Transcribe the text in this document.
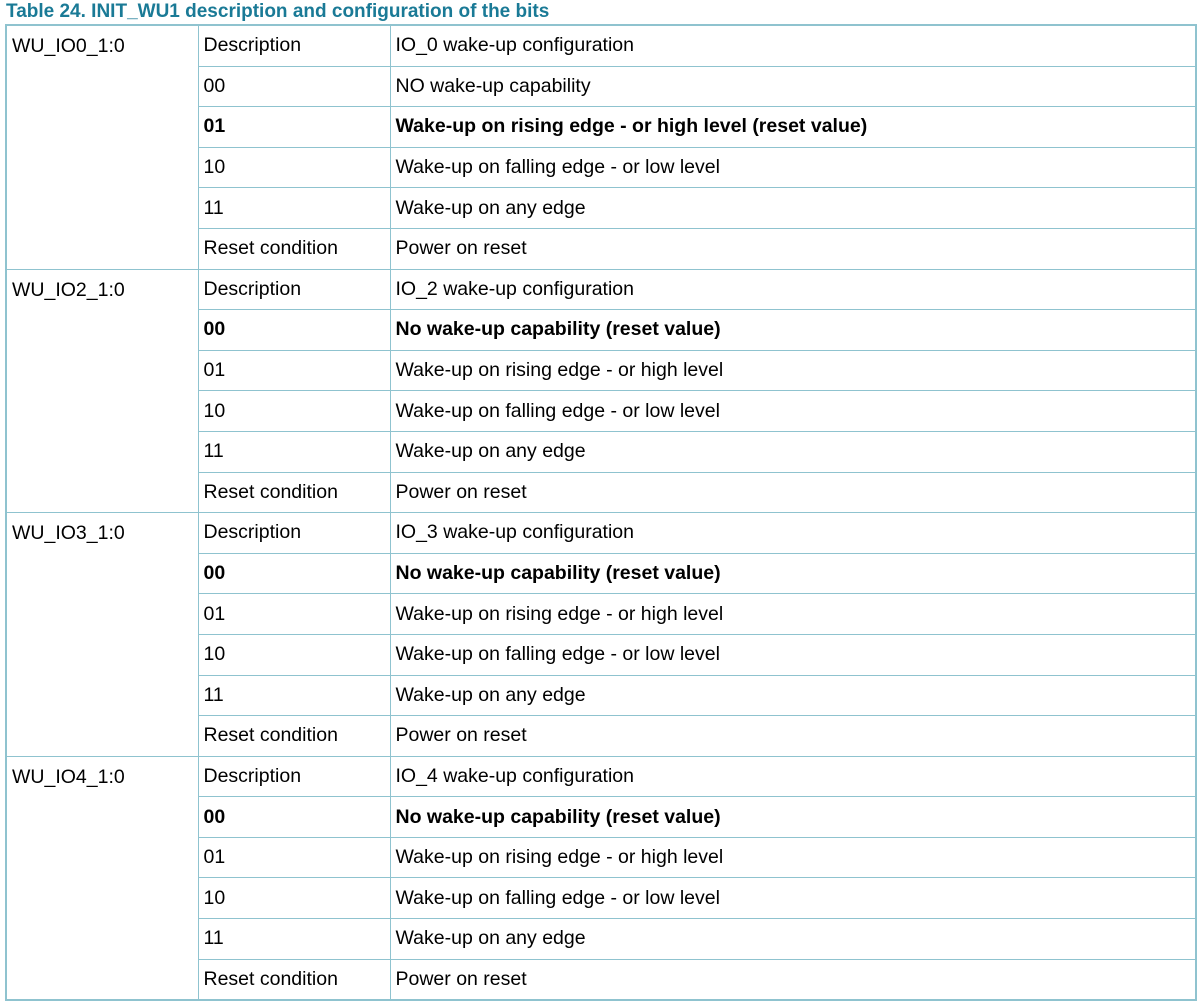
Table 24. INIT_WU1 description and configuration of the bits
WU_IO0_1:0	Description	IO_0 wake-up configuration
	00	NO wake-up capability
	01	Wake-up on rising edge - or high level (reset value)
	10	Wake-up on falling edge - or low level
	11	Wake-up on any edge
	Reset condition	Power on reset
WU_IO2_1:0	Description	IO_2 wake-up configuration
	00	No wake-up capability (reset value)
	01	Wake-up on rising edge - or high level
	10	Wake-up on falling edge - or low level
	11	Wake-up on any edge
	Reset condition	Power on reset
WU_IO3_1:0	Description	IO_3 wake-up configuration
	00	No wake-up capability (reset value)
	01	Wake-up on rising edge - or high level
	10	Wake-up on falling edge - or low level
	11	Wake-up on any edge
	Reset condition	Power on reset
WU_IO4_1:0	Description	IO_4 wake-up configuration
	00	No wake-up capability (reset value)
	01	Wake-up on rising edge - or high level
	10	Wake-up on falling edge - or low level
	11	Wake-up on any edge
	Reset condition	Power on reset
